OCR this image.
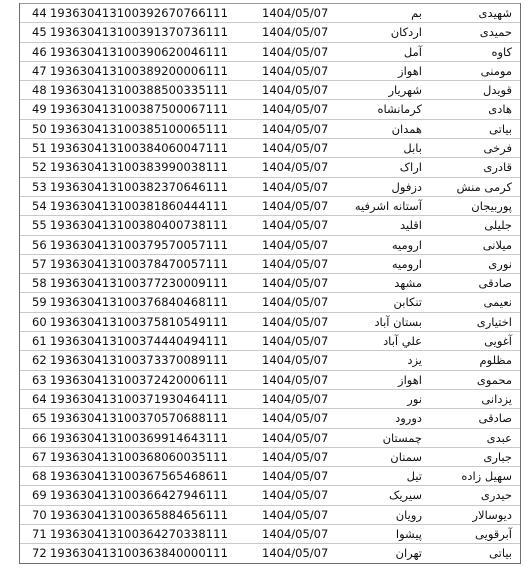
44 193630413100392670766111	1404/05/07	بم	شهیدی
45 193630413100391370736111	1404/05/07	اردکان	حمیدی
46 193630413100390620046111	1404/05/07	آمل	کاوه
47 193630413100389200006111	1404/05/07	اهواز	مومنی
48 193630413100388500335111	1404/05/07	شهریار	قویدل
49 193630413100387500067111	1404/05/07	کرمانشاه	هادی
50 193630413100385100065111	1404/05/07	همدان	بیاتی
51 193630413100384060047111	1404/05/07	بابل	فرخی
52 193630413100383990038111	1404/05/07	اراک	قادری
53 193630413100382370646111	1404/05/07	دزفول	کرمی منش
54 193630413100381860444111	1404/05/07	آستانه اشرفیه	پوربیجان
55 193630413100380400738111	1404/05/07	اقلید	جلیلی
56 193630413100379570057111	1404/05/07	ارومیه	میلانی
57 193630413100378470057111	1404/05/07	ارومیه	نوری
58 193630413100377230009111	1404/05/07	مشهد	صادقی
59 193630413100376840468111	1404/05/07	تنکابن	نعیمی
60 193630413100375810549111	1404/05/07	بستان آباد	اختیاری
61 193630413100374440494111	1404/05/07	علي آباد	آغویی
62 193630413100373370089111	1404/05/07	یزد	مظلوم
63 193630413100372420006111	1404/05/07	اهواز	محموی
64 193630413100371930464111	1404/05/07	نور	یزدانی
65 193630413100370570688111	1404/05/07	دورود	صادقی
66 193630413100369914643111	1404/05/07	چمستان	عبدی
67 193630413100368060035111	1404/05/07	سمنان	جباری
68 193630413100367565468611	1404/05/07	تیل	سهیل زاده
69 193630413100366427946111	1404/05/07	سیریک	حیدری
70 193630413100365884656111	1404/05/07	رویان	دیوسالار
71 193630413100364270338111	1404/05/07	پیشوا	آبرقویی
72 193630413100363840000111	1404/05/07	تهران	بیاتی
